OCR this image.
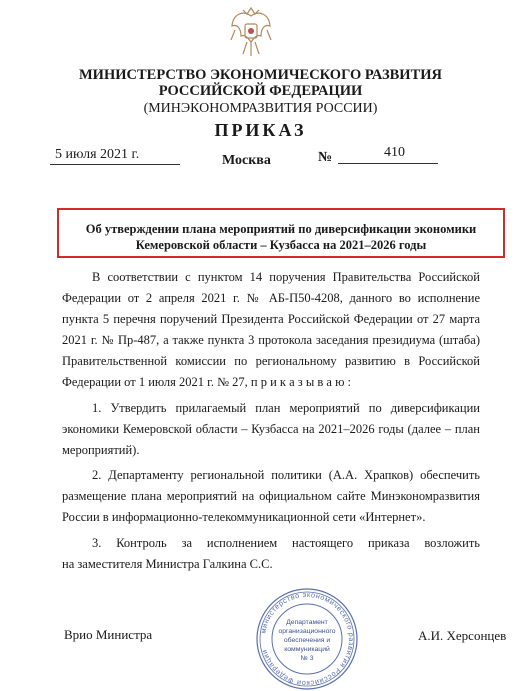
МИНИСТЕРСТВО ЭКОНОМИЧЕСКОГО РАЗВИТИЯ
РОССИЙСКОЙ ФЕДЕРАЦИИ
(МИНЭКОНОМРАЗВИТИЯ РОССИИ)
ПРИКАЗ
5 июля 2021 г.	Москва	№	410
Об утверждении плана мероприятий по диверсификации экономики
Кемеровской области – Кузбасса на 2021–2026 годы
В соответствии с пунктом 14 поручения Правительства Российской
Федерации от 2 апреля 2021 г. № АБ-П50-4208, данного во исполнение
пункта 5 перечня поручений Президента Российской Федерации от 27 марта
2021 г. № Пр-487, а также пункта 3 протокола заседания президиума (штаба)
Правительственной комиссии по региональному развитию в Российской
Федерации от 1 июля 2021 г. № 27, п р и к а з ы в а ю :
1. Утвердить прилагаемый план мероприятий по диверсификации
экономики Кемеровской области – Кузбасса на 2021–2026 годы (далее – план
мероприятий).
2. Департаменту региональной политики (А.А. Храпков) обеспечить
размещение плана мероприятий на официальном сайте Минэкономразвития
России в информационно-телекоммуникационной сети «Интернет».
3. Контроль за исполнением настоящего приказа возложить
на заместителя Министра Галкина С.С.
Врио Министра	А.И. Херсонцев
министерство экономического развития Российской Федерации
Департамент
организационного
обеспечения и
коммуникаций
№ 3
